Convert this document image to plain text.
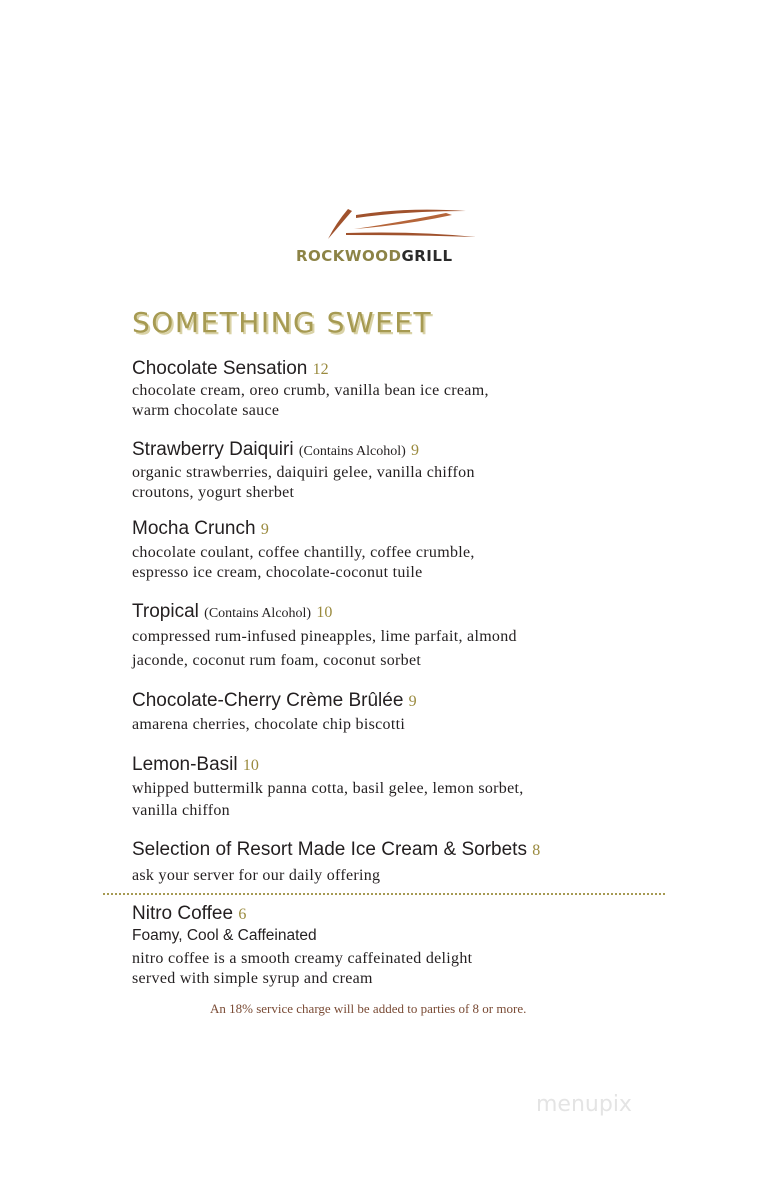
ROCKWOODGRILL
SOMETHING SWEET
Chocolate Sensation 12
chocolate cream, oreo crumb, vanilla bean ice cream,
warm chocolate sauce
Strawberry Daiquiri (Contains Alcohol) 9
organic strawberries, daiquiri gelee, vanilla chiffon
croutons, yogurt sherbet
Mocha Crunch 9
chocolate coulant, coffee chantilly, coffee crumble,
espresso ice cream, chocolate-coconut tuile
Tropical (Contains Alcohol) 10
compressed rum-infused pineapples, lime parfait, almond
jaconde, coconut rum foam, coconut sorbet
Chocolate-Cherry Crème Brûlée 9
amarena cherries, chocolate chip biscotti
Lemon-Basil 10
whipped buttermilk panna cotta, basil gelee, lemon sorbet,
vanilla chiffon
Selection of Resort Made Ice Cream & Sorbets 8
ask your server for our daily offering
Nitro Coffee 6
Foamy, Cool & Caffeinated
nitro coffee is a smooth creamy caffeinated delight
served with simple syrup and cream
An 18% service charge will be added to parties of 8 or more.
menupix
